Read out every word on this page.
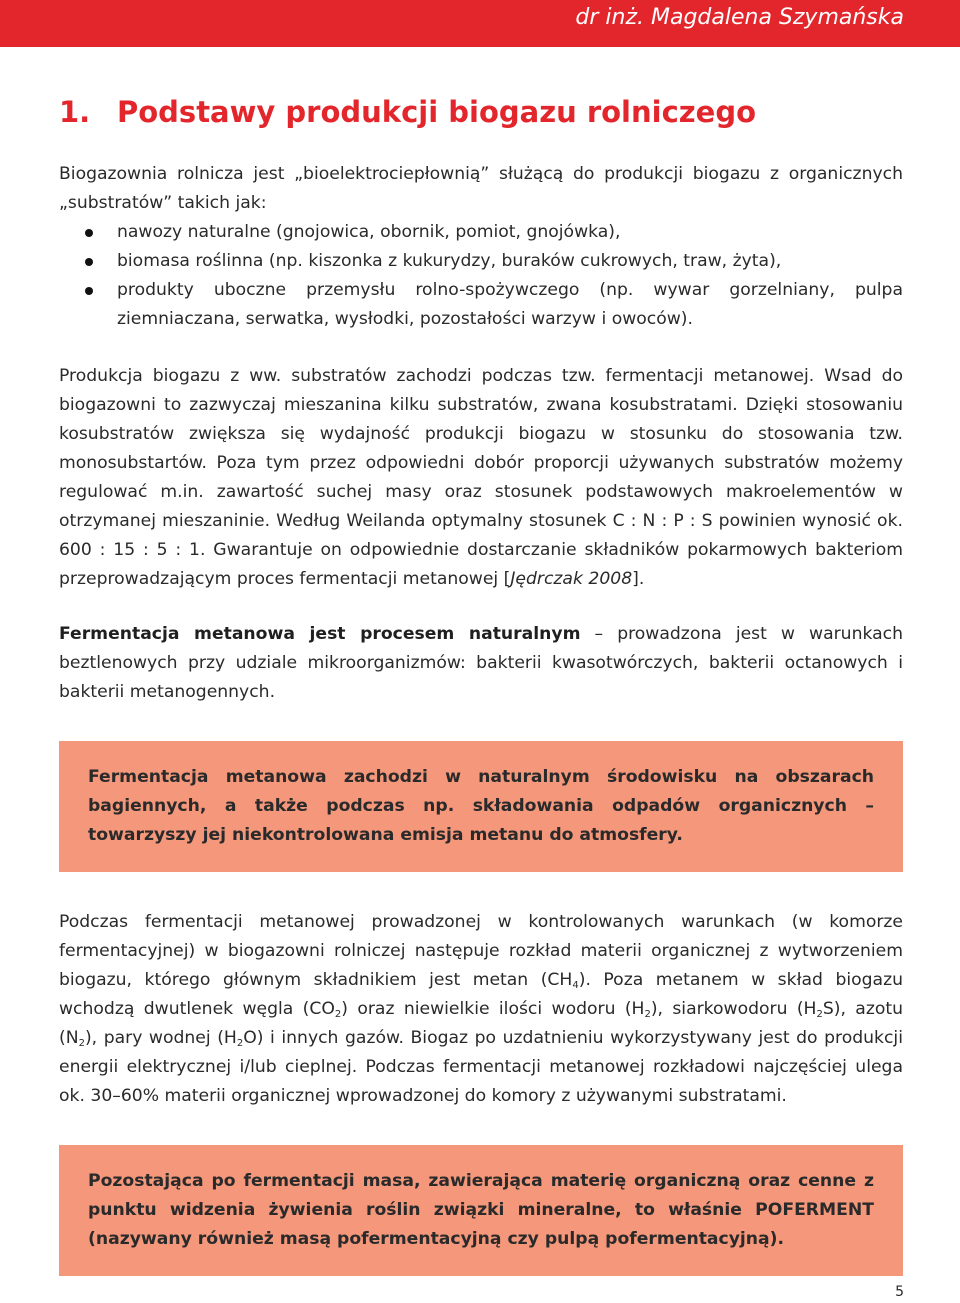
dr inż. Magdalena Szymańska
1. Podstawy produkcji biogazu rolniczego

Biogazownia rolnicza jest „bioelektrociepłownią” służącą do produkcji biogazu z organicznych „substratów” takich jak:

nawozy naturalne (gnojowica, obornik, pomiot, gnojówka),
biomasa roślinna (np. kiszonka z kukurydzy, buraków cukrowych, traw, żyta),
produkty uboczne przemysłu rolno-spożywczego (np. wywar gorzelniany, pulpa ziemniaczana, serwatka, wysłodki, pozostałości warzyw i owoców).

Produkcja biogazu z ww. substratów zachodzi podczas tzw. fermentacji metanowej. Wsad do biogazowni to zazwyczaj mieszanina kilku substratów, zwana kosubstratami. Dzięki stosowaniu kosubstratów zwiększa się wydajność produkcji biogazu w stosunku do stosowania tzw. monosubstartów. Poza tym przez odpowiedni dobór proporcji używanych substratów możemy regulować m.in. zawartość suchej masy oraz stosunek podstawowych makroelementów w otrzymanej mieszaninie. Według Weilanda optymalny stosunek C : N : P : S powinien wynosić ok. 600 : 15 : 5 : 1. Gwarantuje on odpowiednie dostarczanie składników pokarmowych bakteriom przeprowadzającym proces fermentacji metanowej [Jędrczak 2008].

Fermentacja metanowa jest procesem naturalnym – prowadzona jest w warunkach beztlenowych przy udziale mikroorganizmów: bakterii kwasotwórczych, bakterii octanowych i bakterii metanogennych.

Fermentacja metanowa zachodzi w naturalnym środowisku na obszarach bagiennych, a także podczas np. składowania odpadów organicznych – towarzyszy jej niekontrolowana emisja metanu do atmosfery.

Podczas fermentacji metanowej prowadzonej w kontrolowanych warunkach (w komorze fermentacyjnej) w biogazowni rolniczej następuje rozkład materii organicznej z wytworzeniem biogazu, którego głównym składnikiem jest metan $(CH_4)$. Poza metanem w skład biogazu wchodzą dwutlenek węgla $(CO_2)$ oraz niewielkie ilości wodoru $(H_2)$, siarkowodoru $(H_2S)$, azotu $(N_2)$, pary wodnej $(H_2O)$ i innych gazów. Biogaz po uzdatnieniu wykorzystywany jest do produkcji energii elektrycznej i/lub cieplnej. Podczas fermentacji metanowej rozkładowi najczęściej ulega ok. 30–60% materii organicznej wprowadzonej do komory z używanymi substratami.

Pozostająca po fermentacji masa, zawierająca materię organiczną oraz cenne z punktu widzenia żywienia roślin związki mineralne, to właśnie POFERMENT (nazywany również masą pofermentacyjną czy pulpą pofermentacyjną).

5
